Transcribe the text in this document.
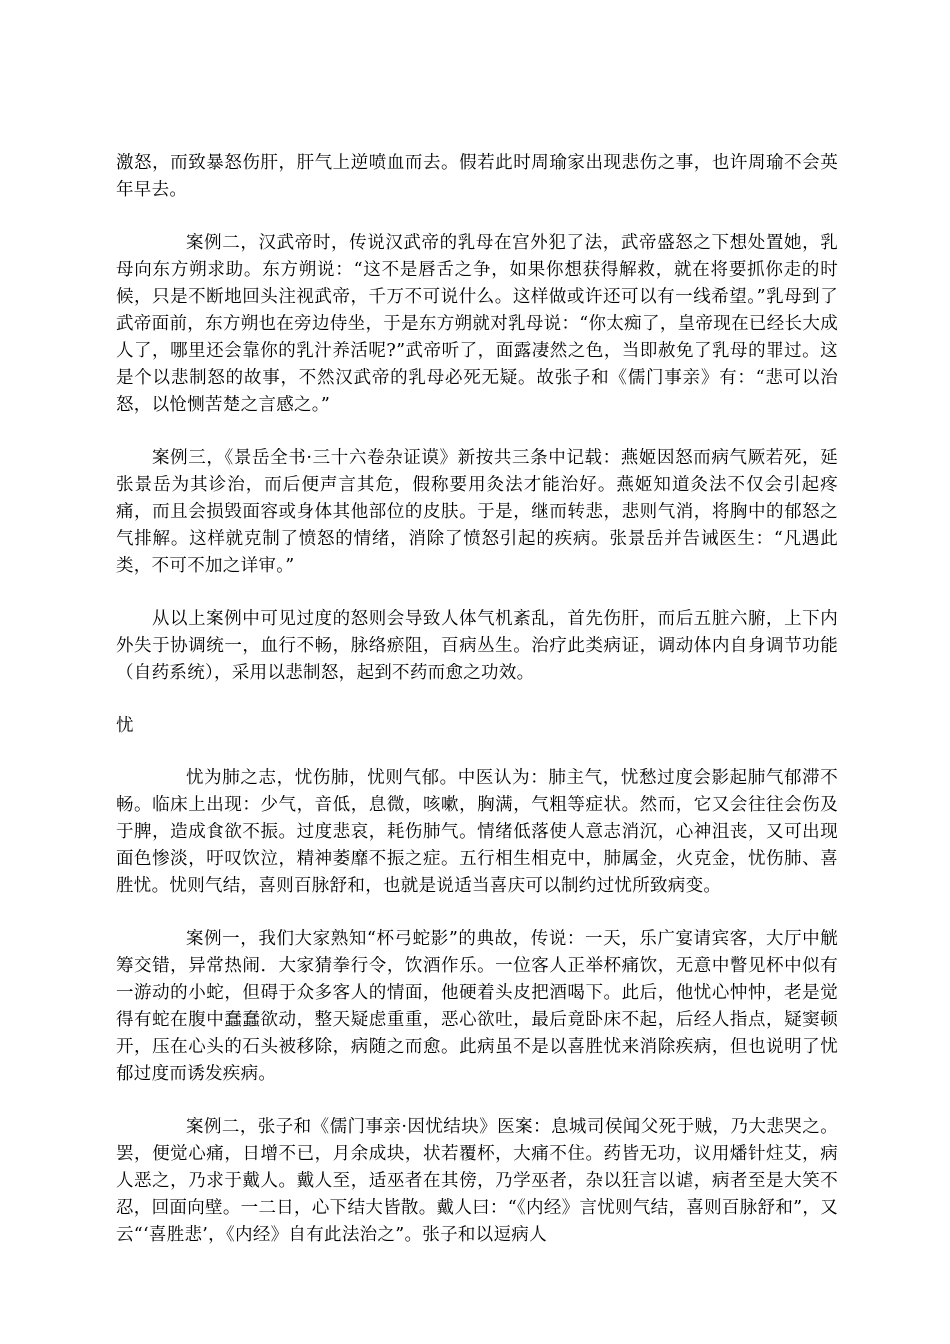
激怒，而致暴怒伤肝，肝气上逆喷血而去。假若此时周瑜家出现悲伤之事，也许周瑜不会英年早去。

案例二，汉武帝时，传说汉武帝的乳母在宫外犯了法，武帝盛怒之下想处置她，乳母向东方朔求助。东方朔说：“这不是唇舌之争，如果你想获得解救，就在将要抓你走的时候，只是不断地回头注视武帝，千万不可说什么。这样做或许还可以有一线希望。”乳母到了武帝面前，东方朔也在旁边侍坐，于是东方朔就对乳母说：“你太痴了，皇帝现在已经长大成人了，哪里还会靠你的乳汁养活呢?”武帝听了，面露凄然之色，当即赦免了乳母的罪过。这是个以悲制怒的故事，不然汉武帝的乳母必死无疑。故张子和《儒门事亲》有：“悲可以治怒，以怆恻苦楚之言感之。”

案例三，《景岳全书·三十六卷杂证谟》新按共三条中记载：燕姬因怒而病气厥若死，延张景岳为其诊治，而后便声言其危，假称要用灸法才能治好。燕姬知道灸法不仅会引起疼痛，而且会损毁面容或身体其他部位的皮肤。于是，继而转悲，悲则气消，将胸中的郁怒之气排解。这样就克制了愤怒的情绪，消除了愤怒引起的疾病。张景岳并告诫医生：“凡遇此类，不可不加之详审。”

从以上案例中可见过度的怒则会导致人体气机紊乱，首先伤肝，而后五脏六腑，上下内外失于协调统一，血行不畅，脉络瘀阻，百病丛生。治疗此类病证，调动体内自身调节功能（自药系统），采用以悲制怒，起到不药而愈之功效。

忧

忧为肺之志，忧伤肺，忧则气郁。中医认为：肺主气，忧愁过度会影起肺气郁滞不畅。临床上出现：少气，音低，息微，咳嗽，胸满，气粗等症状。然而，它又会往往会伤及于脾，造成食欲不振。过度悲哀，耗伤肺气。情绪低落使人意志消沉，心神沮丧，又可出现面色惨淡，吁叹饮泣，精神萎靡不振之症。五行相生相克中，肺属金，火克金，忧伤肺、喜胜忧。忧则气结，喜则百脉舒和，也就是说适当喜庆可以制约过忧所致病变。

案例一，我们大家熟知“杯弓蛇影”的典故，传说：一天，乐广宴请宾客，大厅中觥筹交错，异常热闹．大家猜拳行令，饮酒作乐。一位客人正举杯痛饮，无意中瞥见杯中似有一游动的小蛇，但碍于众多客人的情面，他硬着头皮把酒喝下。此后，他忧心忡忡，老是觉得有蛇在腹中蠢蠢欲动，整天疑虑重重，恶心欲吐，最后竟卧床不起，后经人指点，疑窦顿开，压在心头的石头被移除，病随之而愈。此病虽不是以喜胜忧来消除疾病，但也说明了忧郁过度而诱发疾病。

案例二，张子和《儒门事亲·因忧结块》医案：息城司侯闻父死于贼，乃大悲哭之。罢，便觉心痛，日增不已，月余成块，状若覆杯，大痛不住。药皆无功，议用燔针炷艾，病人恶之，乃求于戴人。戴人至，适巫者在其傍，乃学巫者，杂以狂言以谑，病者至是大笑不忍，回面向壁。一二日，心下结大皆散。戴人曰：“《内经》言忧则气结，喜则百脉舒和”，又云“‘喜胜悲’，《内经》自有此法治之”。张子和以逗病人
